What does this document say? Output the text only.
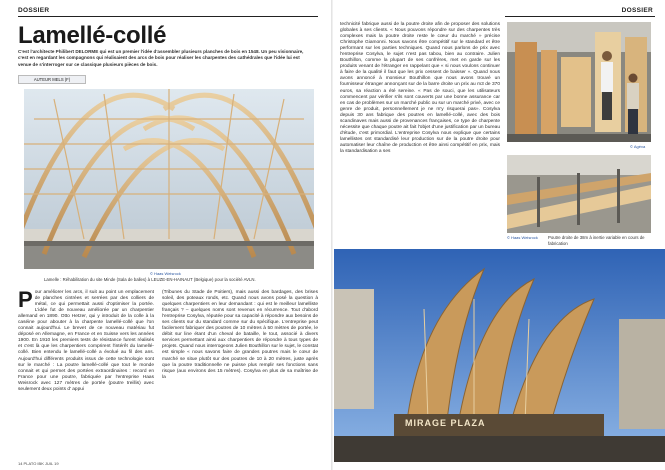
DOSSIER
Lamellé-collé

C'est l'architecte Philibert DELORME qui est un premier l'idée d'assembler plusieurs planches de bois en 1548. Un peu visionnaire, c'est en regardant les compagnons qui réalisaient des arcs de bois pour réaliser les charpentes des cathédrales que l'idée lui est venue de s'interroger sur ce classique plusieurs pièces de bois.

AUTEUR MELS (F)
© Haas Weisrock

Lamelle : Réhabilitation du site Minde (Sala de balles) à LEUZE-EN-HAINAUT (Belgique) pour la société AVLN.

Pour améliorer les arcs, il suit au point un emplacement de planches cintrées et serrées par des colliers de métal, ce qui permettait aussi d'optimiser la portée. L'idée fut de nouveau améliorée par un charpentier allemand en 1890. Otto Hetzer, qui y introduit de la colle à la caséine pour abouter à la charpente lamellé-collé que l'on connait aujourd'hui. Le brevet de ce nouveau matériau fut déposé en Allemagne, en France et en Suisse vers les années 1900. En 1910 les premiers tests de résistance furent réalisés et c'est là que les charpentiers comprirent l'intérêt du lamellé-collé. Bien entendu le lamellé-collé a évolué au fil des ans. Aujourd'hui différents produits issus de cette technologie sont sur le marché : La poutre lamellé-collé que tout le monde connait et qui permet des portées extraordinaires : record en France pour une poutre, fabriquée par l'entreprise Haas Weisrock avec 127 mètres de portée (poutre treillis) avec seulement deux points d' appui
(Tribunes du Stade de Poitiers), mais aussi des bardages, des brises soleil, des poteaux ronds, etc. Quand nous avons posé la question à quelques charpentiers en leur demandant : qui est le meilleur lamelliste français ? – quelques noms sont revenus en récurrence. Tout d'abord l'entreprise Cosylva, réputée pour sa capacité à répondre aux besoins de ses clients sur du standard comme sur du spécifique. L'entreprise peut facilement fabriquer des poutres de 10 mètres à 50 mètres de portée, le débit sur line étant d'un cheval de bataille, le tout, associé à divers services permettant ainsi aux charpentiers de répondre à tous types de projets. Quand nous interrogeons Julien Bouthillon sur le sujet, le constat est simple « nous savons faire de grandes poutres mais le cœur de marché se situe plutôt sur des poutres de 10 à 20 mètres, juste après que la poutre traditionnelle ne puisse plus remplir ses fonctions sans risque (aux environs des 15 mètres). Cosylva en plus de sa maîtrise de la
14 PLATO IBK JUIL 19
DOSSIER
technicité fabrique aussi de la poutre droite afin de proposer des solutions globales à ses clients. « Nous pouvons répondre sur des charpentes très complexes mais la poutre droite reste le cœur du marché » précise Christophe Giamonni. Nous savons être compétitif sur le standard et être performant sur les parties techniques. Quand nous parlons de prix avec l'entreprise Cosylva, le sujet n'est pas tabou, bien au contraire. Julien Bouthillon, comme la plupart de ses confrères, met en garde sur les produits venant de l'étranger en rappelant que « si nous voulons continuer à faire de la qualité il faut que les prix cessent de baisser ». Quand nous avons annoncé à monsieur Bouthillon que nous avons trouvé un fournisseur étranger annonçant sur de la barre droite un prix au m3 de 370 euros, sa réaction a été sereine. « Pas de souci, que les utilisateurs commencent par vérifier s'ils sont couverts par une bonne assurance car en cas de problèmes sur un marché public ou sur un marché privé, avec ce genre de produit, personnellement je ne m'y risquerai pas». Cosylva depuis 30 ans fabrique des poutres en lamellé-collé, avec des bois scandinaves mais aussi de provenances françaises, ce type de charpente nécessite que chaque poutre ait fait l'objet d'une justification par un bureau d'étude, c'est primordial. L'entreprise Cosylva nous explique que certains lamellistes ont standardisé leur production sur de la poutre droite pour automatiser leur chaîne de production et être ainsi compétitif en prix, mais la standardisation a ses
© Agéva
© Haas Weisrock Poutre droite de 38m à inertie variable en cours de fabrication

MIRAGE PLAZA
